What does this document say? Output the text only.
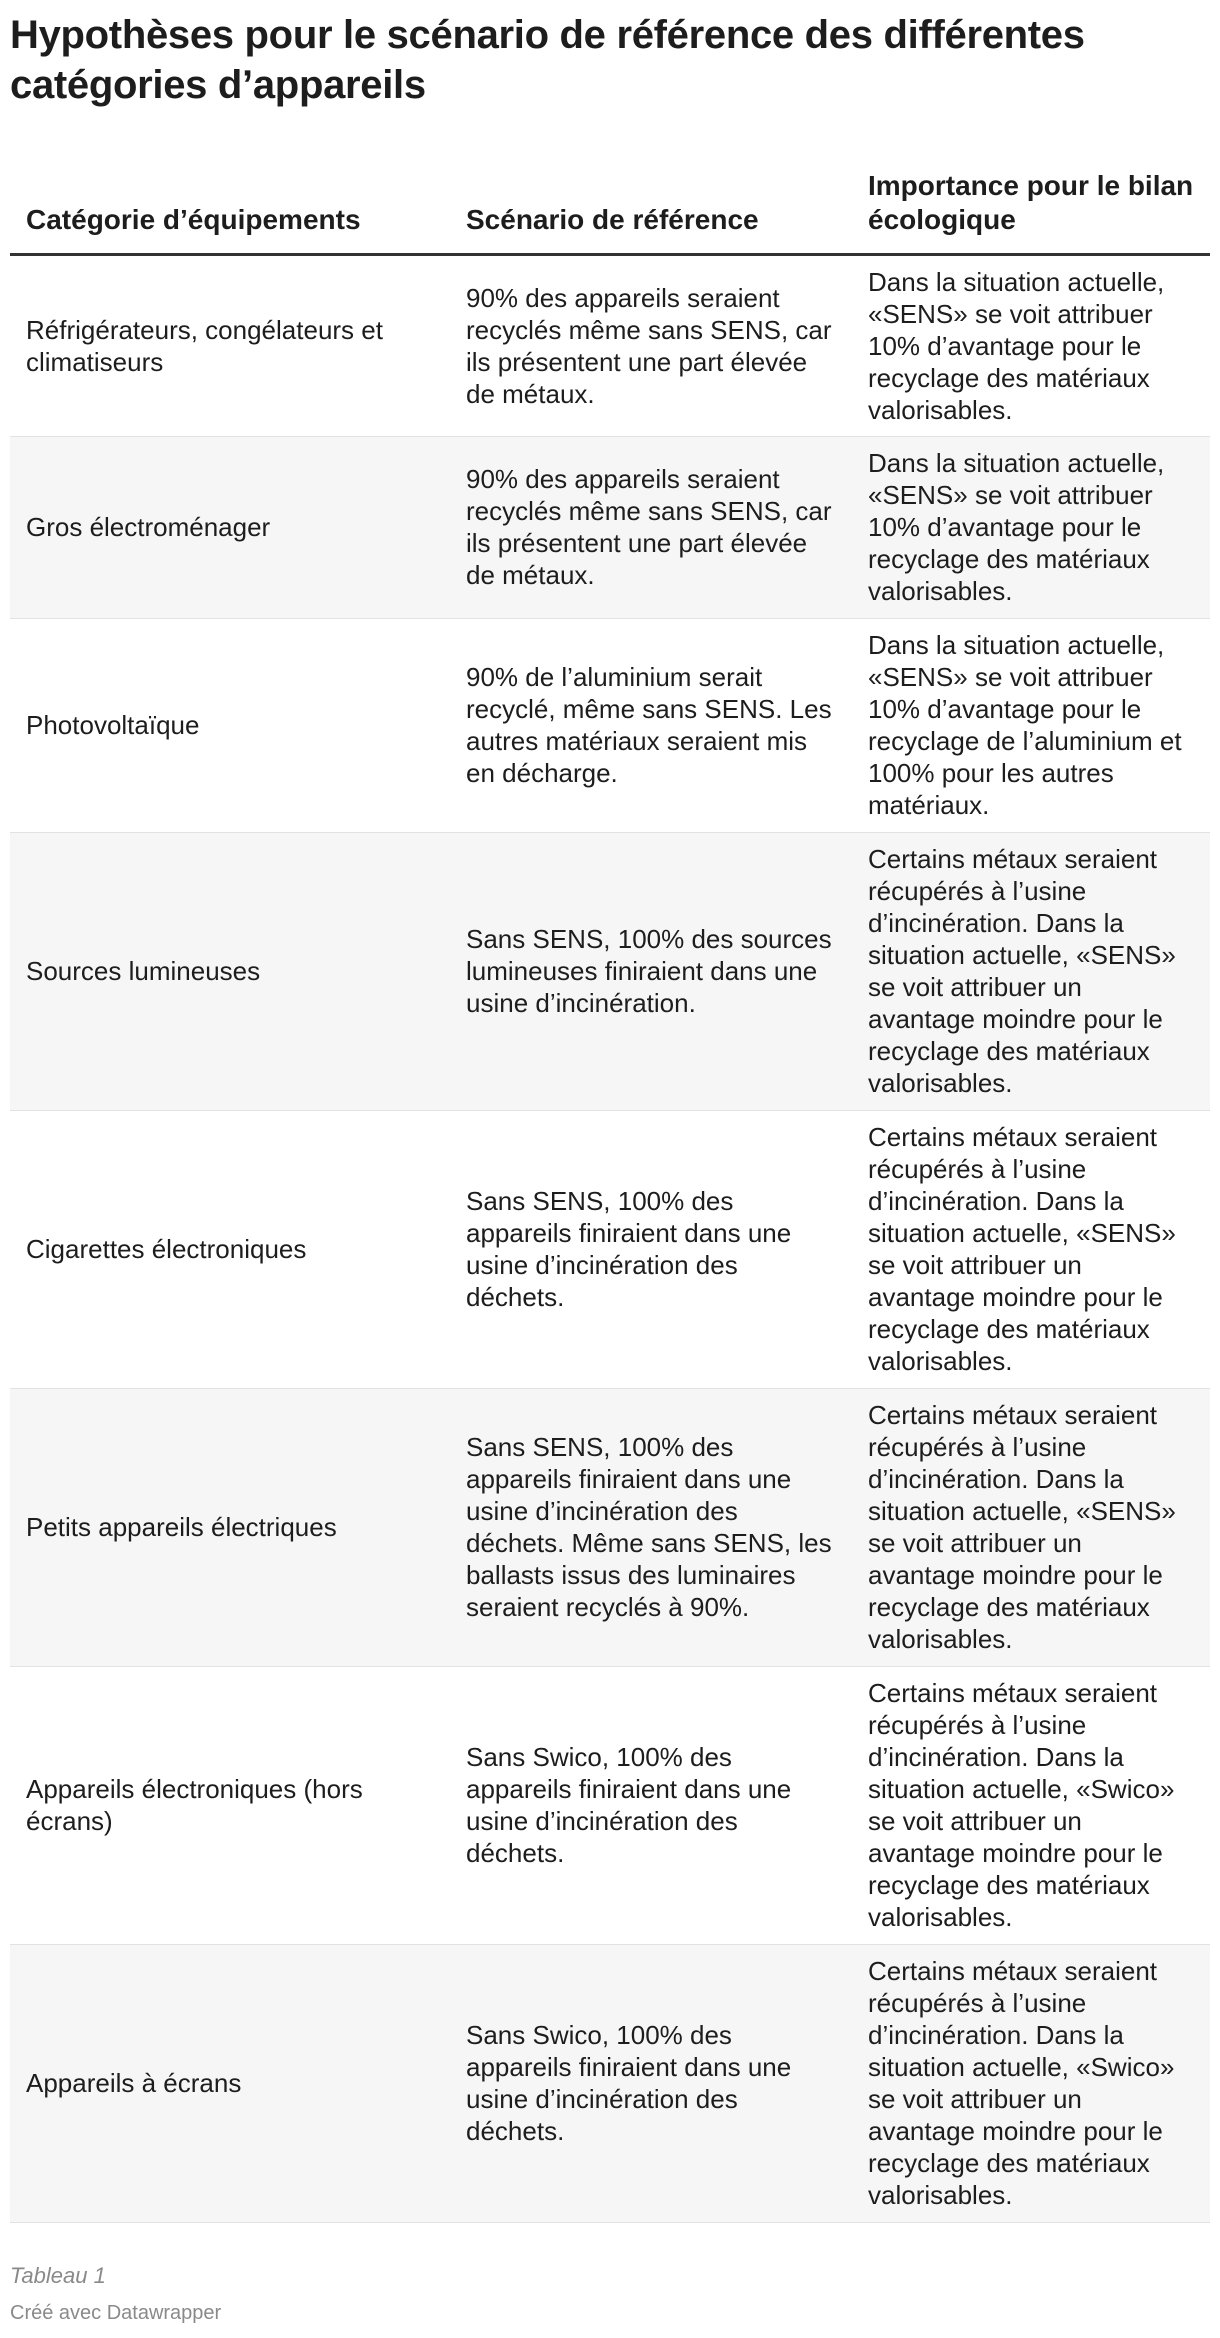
Hypothèses pour le scénario de référence des différentes catégories d’appareils
Catégorie d’équipements	Scénario de référence	Importance pour le bilan écologique
Réfrigérateurs, congélateurs et climatiseurs	90% des appareils seraient recyclés même sans SENS, car ils présentent une part élevée de métaux.	Dans la situation actuelle, «SENS» se voit attribuer 10% d’avantage pour le recyclage des matériaux valorisables.
Gros électroménager	90% des appareils seraient recyclés même sans SENS, car ils présentent une part élevée de métaux.	Dans la situation actuelle, «SENS» se voit attribuer 10% d’avantage pour le recyclage des matériaux valorisables.
Photovoltaïque	90% de l’aluminium serait recyclé, même sans SENS. Les autres matériaux seraient mis en décharge.	Dans la situation actuelle, «SENS» se voit attribuer 10% d’avantage pour le recyclage de l’aluminium et 100% pour les autres matériaux.
Sources lumineuses	Sans SENS, 100% des sources lumineuses finiraient dans une usine d’incinération.	Certains métaux seraient récupérés à l’usine d’incinération. Dans la situation actuelle, «SENS» se voit attribuer un avantage moindre pour le recyclage des matériaux valorisables.
Cigarettes électroniques	Sans SENS, 100% des appareils finiraient dans une usine d’incinération des déchets.	Certains métaux seraient récupérés à l’usine d’incinération. Dans la situation actuelle, «SENS» se voit attribuer un avantage moindre pour le recyclage des matériaux valorisables.
Petits appareils électriques	Sans SENS, 100% des appareils finiraient dans une usine d’incinération des déchets. Même sans SENS, les ballasts issus des luminaires seraient recyclés à 90%.	Certains métaux seraient récupérés à l’usine d’incinération. Dans la situation actuelle, «SENS» se voit attribuer un avantage moindre pour le recyclage des matériaux valorisables.
Appareils électroniques (hors écrans)	Sans Swico, 100% des appareils finiraient dans une usine d’incinération des déchets.	Certains métaux seraient récupérés à l’usine d’incinération. Dans la situation actuelle, «Swico» se voit attribuer un avantage moindre pour le recyclage des matériaux valorisables.
Appareils à écrans	Sans Swico, 100% des appareils finiraient dans une usine d’incinération des déchets.	Certains métaux seraient récupérés à l’usine d’incinération. Dans la situation actuelle, «Swico» se voit attribuer un avantage moindre pour le recyclage des matériaux valorisables.
Tableau 1
Créé avec Datawrapper
